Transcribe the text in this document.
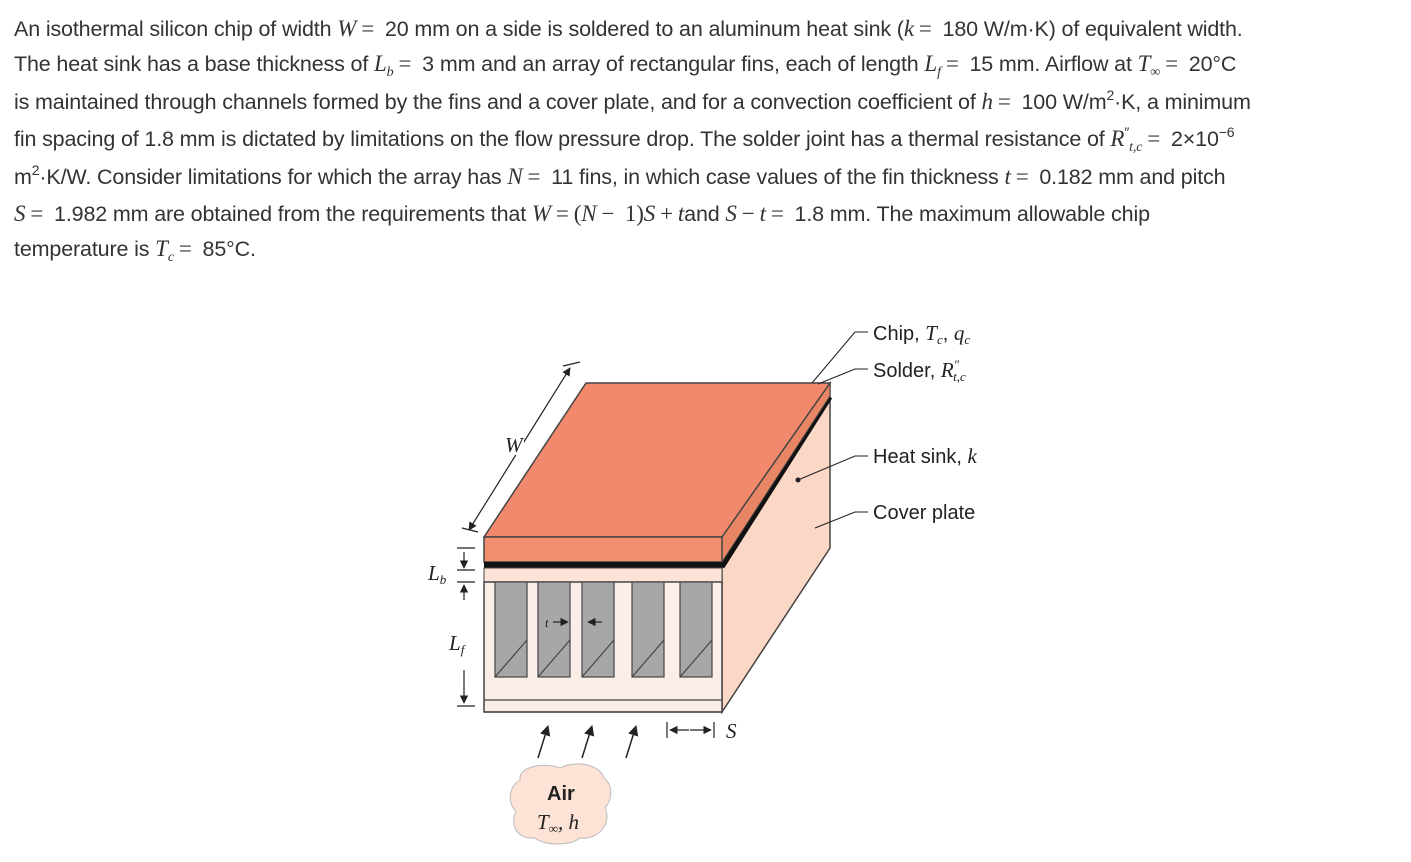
An isothermal silicon chip of width W = 20 mm on a side is soldered to an aluminum heat sink (k = 180 W/m·K) of equivalent width.

The heat sink has a base thickness of $L_b = 3$ mm and an array of rectangular fins, each of length $L_f = 15$ mm. Airflow at $T_\infty = 20^\circ C$

is maintained through channels formed by the fins and a cover plate, and for a convection coefficient of h = 100 $W/m^2\cdot K$, a minimum

fin spacing of 1.8 mm is dictated by limitations on the flow pressure drop. The solder joint has a thermal resistance of $R''_{t,c} = 2\times 10^{-6}$

$m^2\cdot K/W$. Consider limitations for which the array has N = 11 fins, in which case values of the fin thickness t = 0.182 mm and pitch

S = 1.982 mm are obtained from the requirements that W = (N − 1)S + tand S − t = 1.8 mm. The maximum allowable chip

temperature is $T_c = 85^\circ C$.

W
$L_b$
$L_f$
t
S
Air
$T_\infty$, h
Chip, $T_c$, $q_c$
Solder, R″ t,c
Heat sink, k
Cover plate
